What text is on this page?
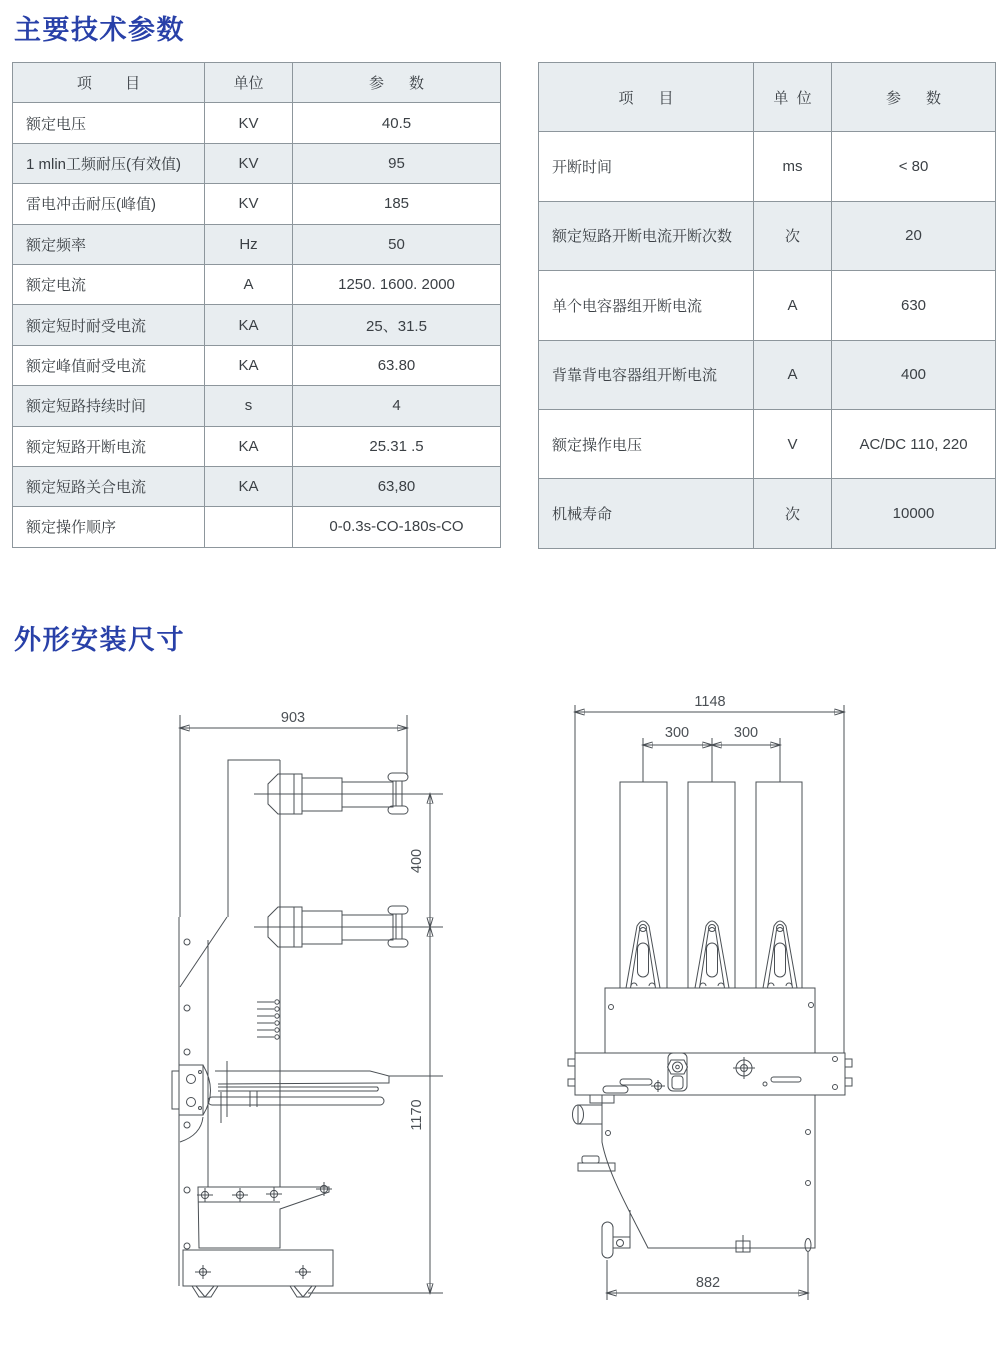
主要技术参数
项        目	单位	参      数
额定电压	KV	40.5
1 mlin工频耐压(有效值)	KV	95
雷电冲击耐压(峰值)	KV	185
额定频率	Hz	50
额定电流	A	1250. 1600. 2000
额定短时耐受电流	KA	25、31.5
额定峰值耐受电流	KA	63.80
额定短路持续时间	s	4
额定短路开断电流	KA	25.31 .5
额定短路关合电流	KA	63,80
额定操作顺序		0-0.3s-CO-180s-CO
项      目	单  位	参      数
开断时间	ms	< 80
额定短路开断电流开断次数	次	20
单个电容器组开断电流	A	630
背靠背电容器组开断电流	A	400
额定操作电压	V	AC/DC 110, 220
机械寿命	次	10000
外形安装尺寸
903
400
1170
1148
300	300
882
